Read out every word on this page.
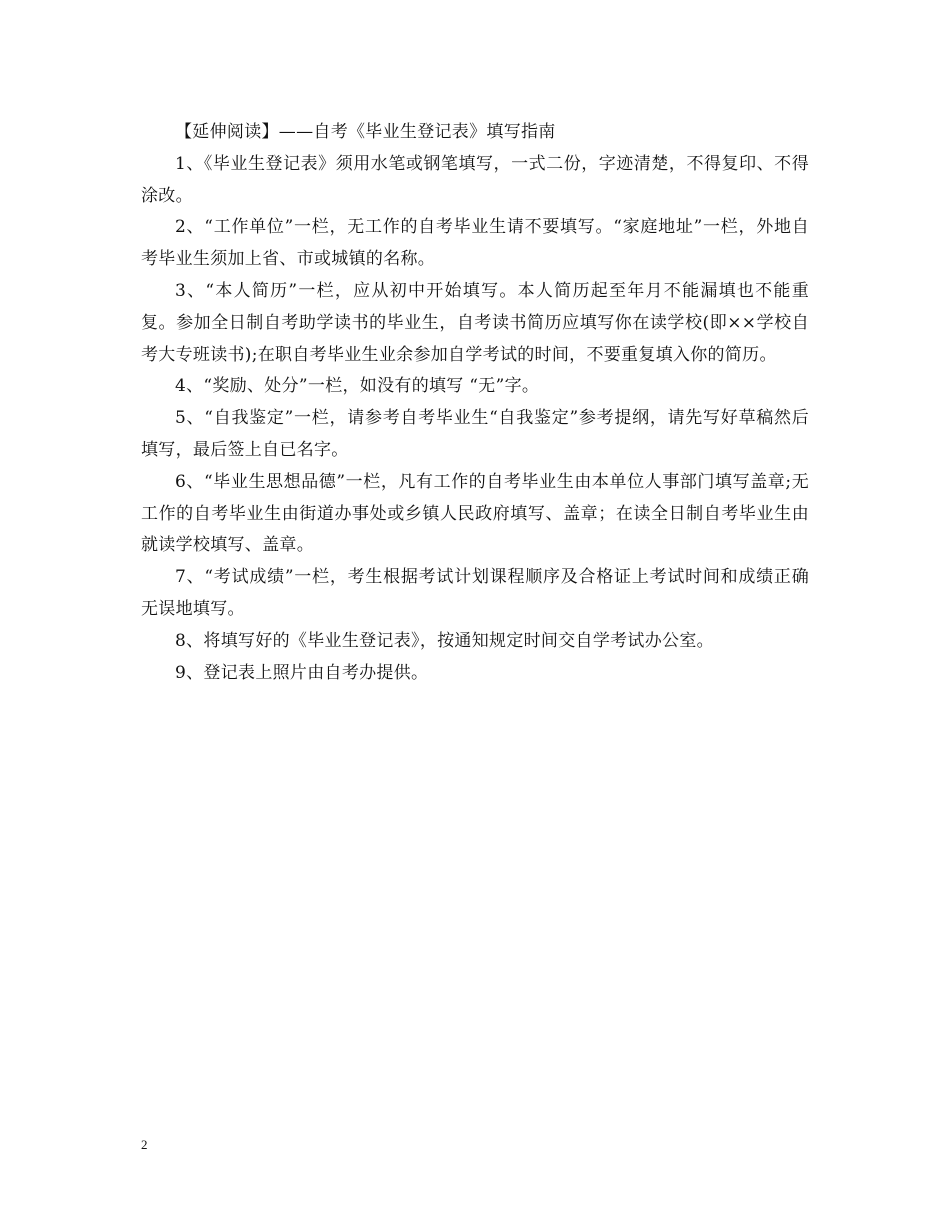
【延伸阅读】——自考《毕业生登记表》填写指南

1、《毕业生登记表》须用水笔或钢笔填写，一式二份，字迹清楚，不得复印、不得涂改。

2、“工作单位”一栏，无工作的自考毕业生请不要填写。“家庭地址”一栏，外地自考毕业生须加上省、市或城镇的名称。

3、“本人简历”一栏，应从初中开始填写。本人简历起至年月不能漏填也不能重复。参加全日制自考助学读书的毕业生，自考读书简历应填写你在读学校(即××学校自考大专班读书);在职自考毕业生业余参加自学考试的时间，不要重复填入你的简历。

4、“奖励、处分”一栏，如没有的填写 “无”字。

5、“自我鉴定”一栏，请参考自考毕业生“自我鉴定”参考提纲，请先写好草稿然后填写，最后签上自已名字。

6、“毕业生思想品德”一栏，凡有工作的自考毕业生由本单位人事部门填写盖章;无工作的自考毕业生由街道办事处或乡镇人民政府填写、盖章；在读全日制自考毕业生由就读学校填写、盖章。

7、“考试成绩”一栏，考生根据考试计划课程顺序及合格证上考试时间和成绩正确无误地填写。

8、将填写好的《毕业生登记表》，按通知规定时间交自学考试办公室。

9、登记表上照片由自考办提供。

2
